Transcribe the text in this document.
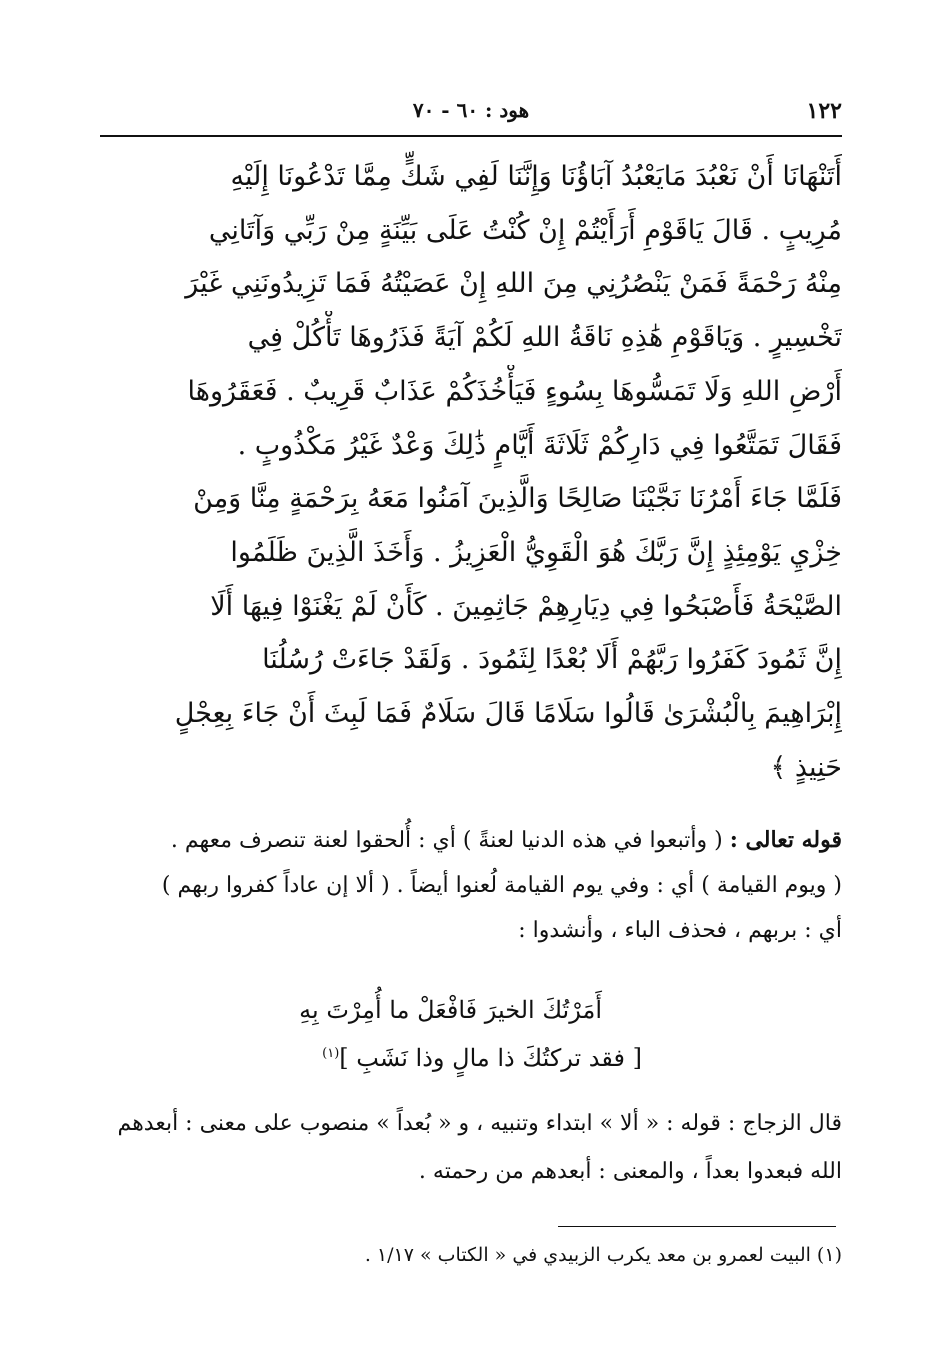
١٢٢
هود : ٦٠ - ٧٠
أَتَنْهَانَا أَنْ نَعْبُدَ مَايَعْبُدُ آبَاؤُنَا وَإِنَّنَا لَفِي شَكٍّ مِمَّا تَدْعُونَا إِلَيْهِ
مُرِيبٍ . قَالَ يَاقَوْمِ أَرَأَيْتُمْ إِنْ كُنْتُ عَلَى بَيِّنَةٍ مِنْ رَبِّي وَآتَانِي
مِنْهُ رَحْمَةً فَمَنْ يَنْصُرُنِي مِنَ اللهِ إِنْ عَصَيْتُهُ فَمَا تَزِيدُونَنِي غَيْرَ
تَخْسِيرٍ . وَيَاقَوْمِ هَٰذِهِ نَاقَةُ اللهِ لَكُمْ آيَةً فَذَرُوهَا تَأْكُلْ فِي
أَرْضِ اللهِ وَلَا تَمَسُّوهَا بِسُوءٍ فَيَأْخُذَكُمْ عَذَابٌ قَرِيبٌ . فَعَقَرُوهَا
فَقَالَ تَمَتَّعُوا فِي دَارِكُمْ ثَلَاثَةَ أَيَّامٍ ذَٰلِكَ وَعْدٌ غَيْرُ مَكْذُوبٍ .
فَلَمَّا جَاءَ أَمْرُنَا نَجَّيْنَا صَالِحًا وَالَّذِينَ آمَنُوا مَعَهُ بِرَحْمَةٍ مِنَّا وَمِنْ
خِزْيِ يَوْمِئِذٍ إِنَّ رَبَّكَ هُوَ الْقَوِيُّ الْعَزِيزُ . وَأَخَذَ الَّذِينَ ظَلَمُوا
الصَّيْحَةُ فَأَصْبَحُوا فِي دِيَارِهِمْ جَاثِمِينَ . كَأَنْ لَمْ يَغْنَوْا فِيهَا أَلَا
إِنَّ ثَمُودَ كَفَرُوا رَبَّهُمْ أَلَا بُعْدًا لِثَمُودَ . وَلَقَدْ جَاءَتْ رُسُلُنَا
إِبْرَاهِيمَ بِالْبُشْرَىٰ قَالُوا سَلَامًا قَالَ سَلَامٌ فَمَا لَبِثَ أَنْ جَاءَ بِعِجْلٍ
حَنِيذٍ ﴾
قوله تعالى : ( وأتبعوا في هذه الدنيا لعنةً ) أي : أُلحقوا لعنة تنصرف معهم .
( ويوم القيامة ) أي : وفي يوم القيامة لُعنوا أيضاً . ( ألا إن عاداً كفروا ربهم )
أي : بربهم ، فحذف الباء ، وأنشدوا :
أَمَرْتُكَ الخيرَ فَافْعَلْ ما أُمِرْتَ بِهِ
[ فقد تركتُكَ ذا مالٍ وذا نَشَبِ ]$^{(١)}$
قال الزجاج : قوله : « ألا » ابتداء وتنبيه ، و « بُعداً » منصوب على معنى : أبعدهم
الله فبعدوا بعداً ، والمعنى : أبعدهم من رحمته .
(١) البيت لعمرو بن معد يكرب الزبيدي في « الكتاب » ١/١٧ .
